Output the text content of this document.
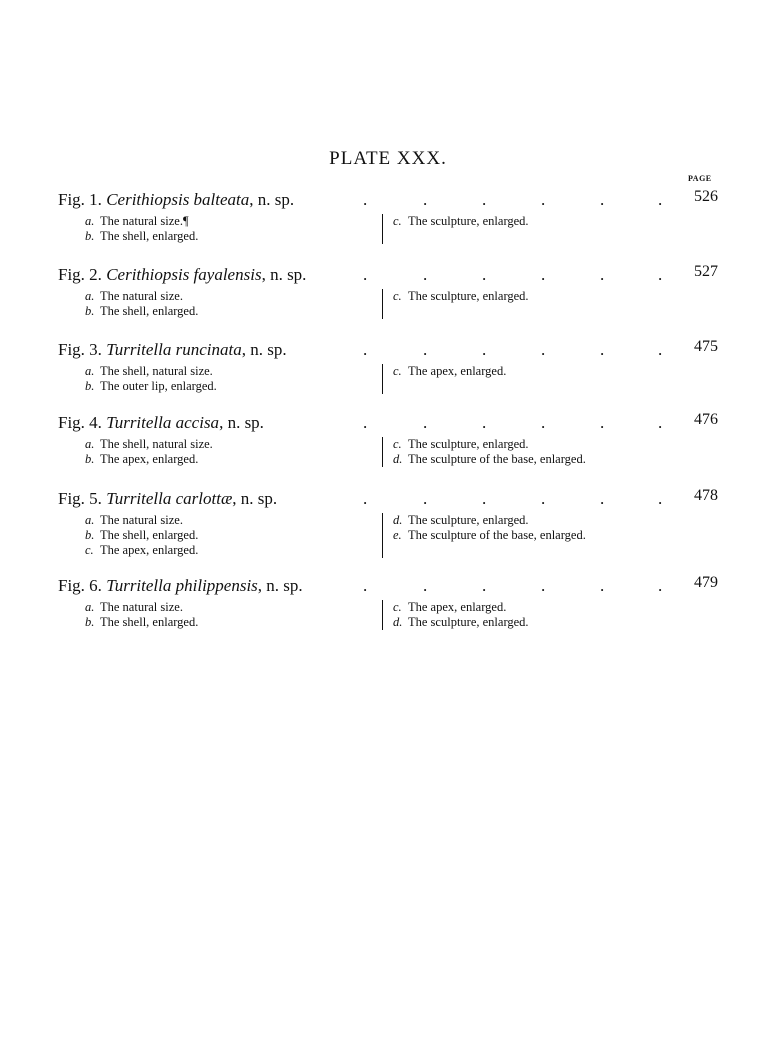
PLATE XXX.
PAGE
Fig. 1. Cerithiopsis balteata, n. sp.	.	.	.	.	.	. 526
a. The natural size.¶
b. The shell, enlarged.
c. The sculpture, enlarged.
Fig. 2. Cerithiopsis fayalensis, n. sp.	.	.	.	.	.	. 527
a. The natural size.
b. The shell, enlarged.
c. The sculpture, enlarged.
Fig. 3. Turritella runcinata, n. sp.	.	.	.	.	.	. 475
a. The shell, natural size.
b. The outer lip, enlarged.
c. The apex, enlarged.
Fig. 4. Turritella accisa, n. sp.	.	.	.	.	.	. 476
a. The shell, natural size.
b. The apex, enlarged.
c. The sculpture, enlarged.
d. The sculpture of the base, enlarged.
Fig. 5. Turritella carlottæ, n. sp.	.	.	.	.	.	. 478
a. The natural size.
b. The shell, enlarged.
c. The apex, enlarged.
d. The sculpture, enlarged.
e. The sculpture of the base, enlarged.
Fig. 6. Turritella philippensis, n. sp.	.	.	.	.	.	. 479
a. The natural size.
b. The shell, enlarged.
c. The apex, enlarged.
d. The sculpture, enlarged.
